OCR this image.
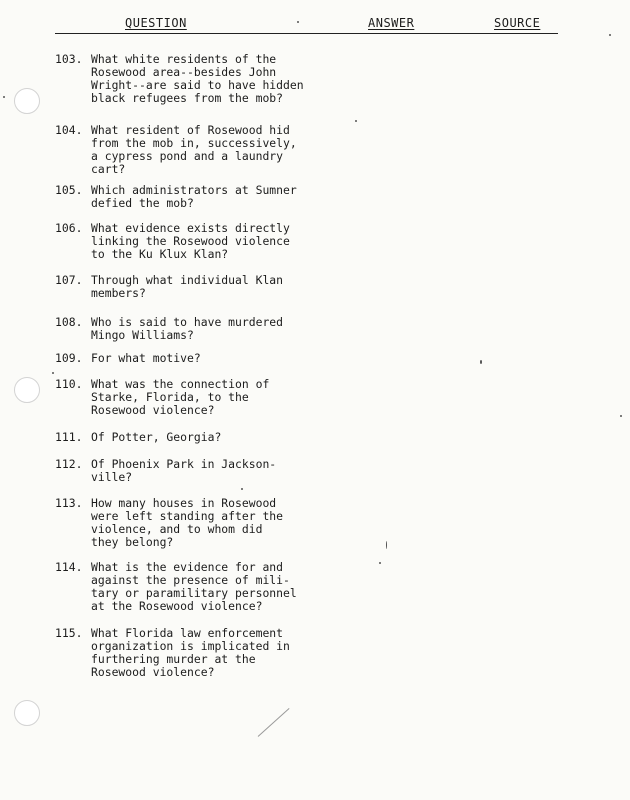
QUESTION	ANSWER	SOURCE
103. What white residents of the
Rosewood area--besides John
Wright--are said to have hidden
black refugees from the mob?
104. What resident of Rosewood hid
from the mob in, successively,
a cypress pond and a laundry
cart?
105. Which administrators at Sumner
defied the mob?
106. What evidence exists directly
linking the Rosewood violence
to the Ku Klux Klan?
107. Through what individual Klan
members?
108. Who is said to have murdered
Mingo Williams?
109. For what motive?
110. What was the connection of
Starke, Florida, to the
Rosewood violence?
111. Of Potter, Georgia?
112. Of Phoenix Park in Jackson-
ville?
113. How many houses in Rosewood
were left standing after the
violence, and to whom did
they belong?
114. What is the evidence for and
against the presence of mili-
tary or paramilitary personnel
at the Rosewood violence?
115. What Florida law enforcement
organization is implicated in
furthering murder at the
Rosewood violence?
